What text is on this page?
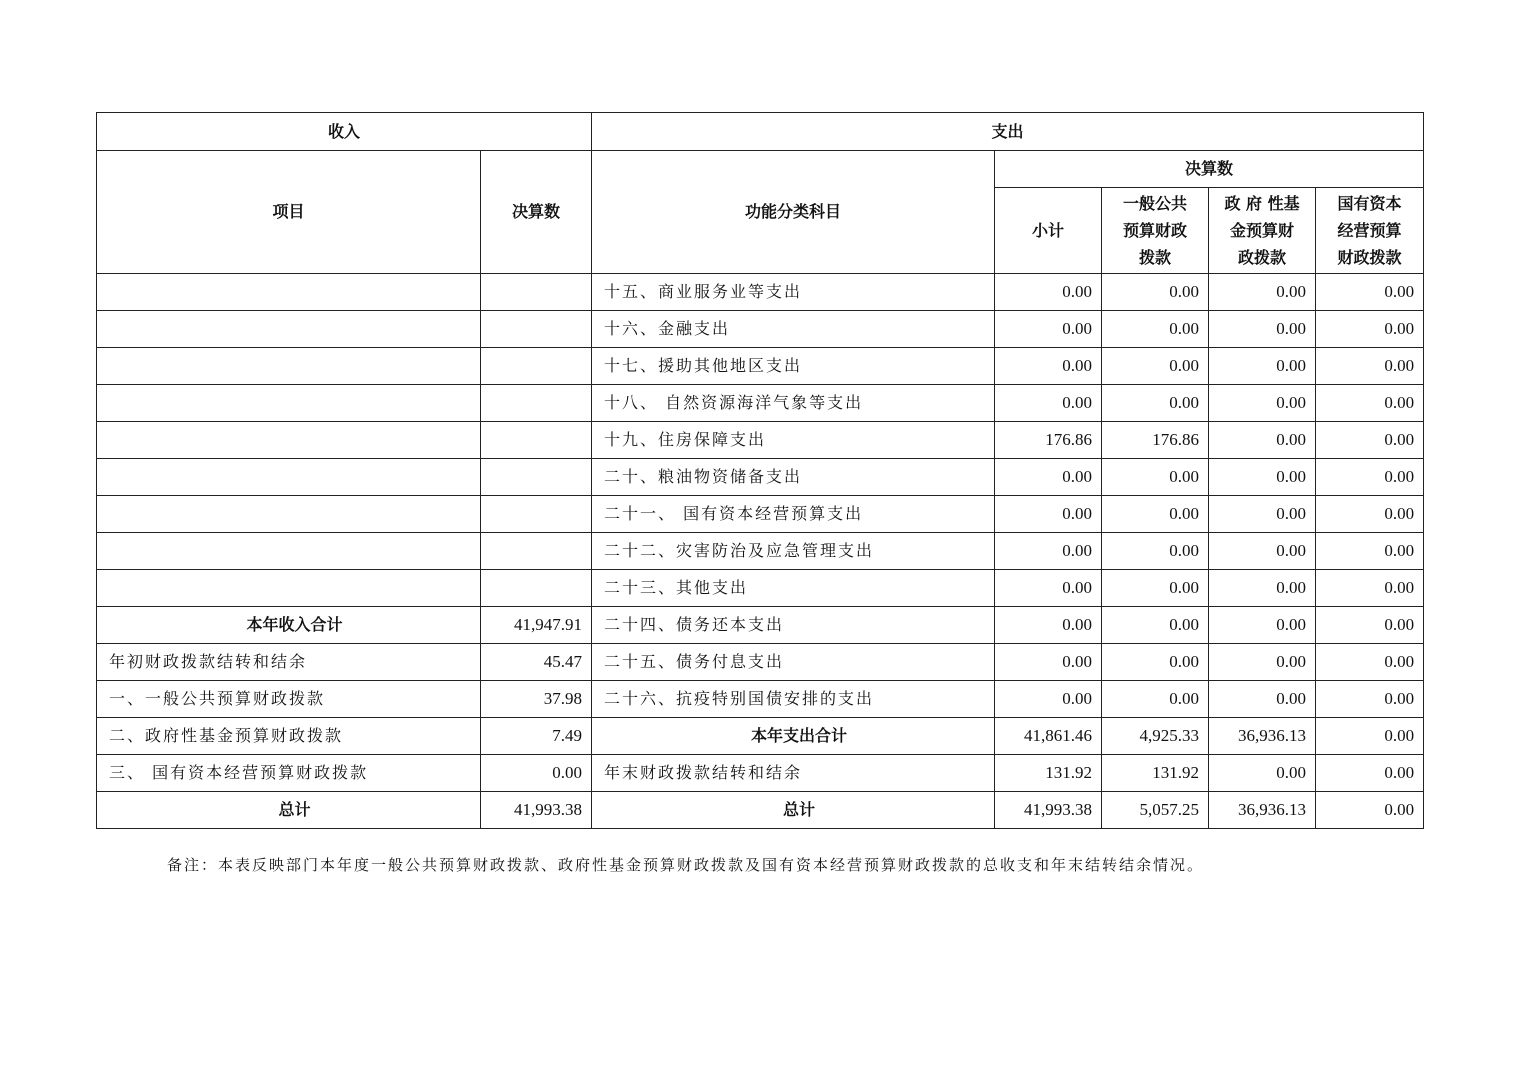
收入		支出				
项目	决算数	功能分类科目	决算数			
			小计	一般公共预算财政拨款	政 府 性基金预算财政拨款	国有资本经营预算财政拨款

		十五、商业服务业等支出	0.00	0.00	0.00	0.00
		十六、金融支出	0.00	0.00	0.00	0.00
		十七、援助其他地区支出	0.00	0.00	0.00	0.00
		十八、 自然资源海洋气象等支出	0.00	0.00	0.00	0.00
		十九、住房保障支出	176.86	176.86	0.00	0.00
		二十、粮油物资储备支出	0.00	0.00	0.00	0.00
		二十一、 国有资本经营预算支出	0.00	0.00	0.00	0.00
		二十二、灾害防治及应急管理支出	0.00	0.00	0.00	0.00
		二十三、其他支出	0.00	0.00	0.00	0.00
本年收入合计	41,947.91	二十四、债务还本支出	0.00	0.00	0.00	0.00
年初财政拨款结转和结余	45.47	二十五、债务付息支出	0.00	0.00	0.00	0.00
一、一般公共预算财政拨款	37.98	二十六、抗疫特别国债安排的支出	0.00	0.00	0.00	0.00
二、政府性基金预算财政拨款	7.49	本年支出合计	41,861.46	4,925.33	36,936.13	0.00
三、 国有资本经营预算财政拨款	0.00	年末财政拨款结转和结余	131.92	131.92	0.00	0.00
总计	41,993.38	总计	41,993.38	5,057.25	36,936.13	0.00
备注：本表反映部门本年度一般公共预算财政拨款、政府性基金预算财政拨款及国有资本经营预算财政拨款的总收支和年末结转结余情况。
